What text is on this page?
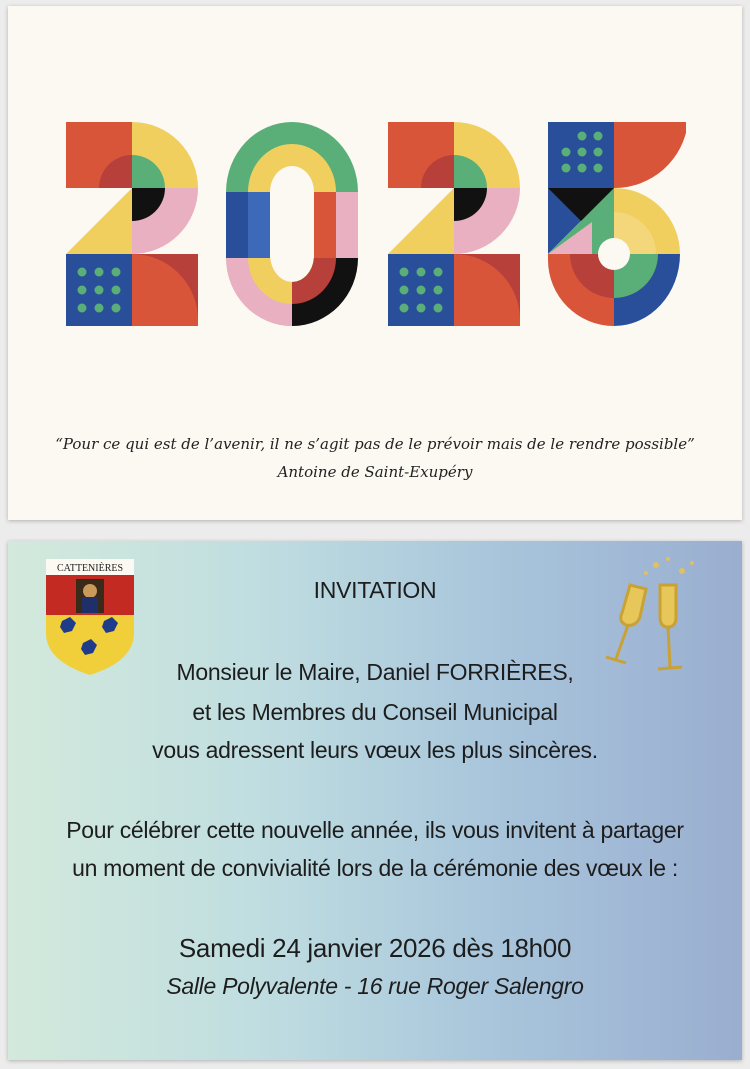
“Pour ce qui est de l’avenir, il ne s’agit pas de le prévoir mais de le rendre possible”
Antoine de Saint-Exupéry
CATTENIÈRES
INVITATION
Monsieur le Maire, Daniel FORRIÈRES,
et les Membres du Conseil Municipal
vous adressent leurs vœux les plus sincères.
Pour célébrer cette nouvelle année, ils vous invitent à partager
un moment de convivialité lors de la cérémonie des vœux le :
Samedi 24 janvier 2026 dès 18h00
Salle Polyvalente - 16 rue Roger Salengro
